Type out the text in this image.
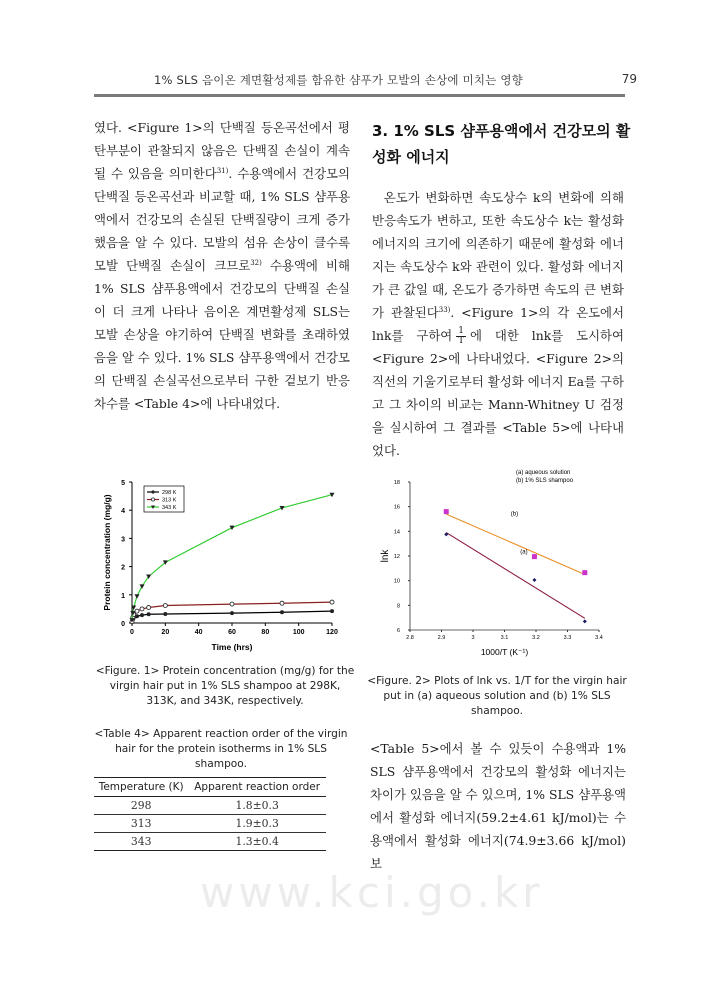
1% SLS 음이온 계면활성제를 함유한 샴푸가 모발의 손상에 미치는 영향	79

였다. <Figure 1>의 단백질 등온곡선에서 평탄부분이 관찰되지 않음은 단백질 손실이 계속될 수 있음을 의미한다$^{31)}$. 수용액에서 건강모의 단백질 등온곡선과 비교할 때, 1% SLS 샴푸용액에서 건강모의 손실된 단백질량이 크게 증가했음을 알 수 있다. 모발의 섬유 손상이 클수록 모발 단백질 손실이 크므로$^{32)}$ 수용액에 비해 1% SLS 샴푸용액에서 건강모의 단백질 손실이 더 크게 나타나 음이온 계면활성제 SLS는 모발 손상을 야기하여 단백질 변화를 초래하였음을 알 수 있다. 1% SLS 샴푸용액에서 건강모의 단백질 손실곡선으로부터 구한 겉보기 반응차수를 <Table 4>에 나타내었다.

3. 1% SLS 샴푸용액에서 건강모의 활성화 에너지

온도가 변화하면 속도상수 k의 변화에 의해 반응속도가 변하고, 또한 속도상수 k는 활성화 에너지의 크기에 의존하기 때문에 활성화 에너지는 속도상수 k와 관련이 있다. 활성화 에너지가 큰 값일 때, 온도가 증가하면 속도의 큰 변화가 관찰된다$^{33)}$. <Figure 1>의 각 온도에서 lnk를 구하여 $\frac{1}{T}$ 에 대한 lnk를 도시하여 <Figure 2>에 나타내었다. <Figure 2>의 직선의 기울기로부터 활성화 에너지 Ea를 구하고 그 차이의 비교는 Mann-Whitney U 검정을 실시하여 그 결과를 <Table 5>에 나타내었다.

0
1
2
3
4
5
0	20	40	60	80	100	120
Time (hrs)
Protein concentration (mg/g)
298 K
313 K
343 K
<Figure. 1> Protein concentration (mg/g) for the virgin hair put in 1% SLS shampoo at 298K, 313K, and 343K, respectively.
6
8
10
12
14
16
18
2.8	2.9	3	3.1	3.2	3.3	3.4
1000/T (K⁻¹)
lnk	(a)
(b)
(a) aqueous solution
(b) 1% SLS shampoo
<Figure. 2> Plots of lnk vs. 1/T for the virgin hair put in (a) aqueous solution and (b) 1% SLS shampoo.
<Table 4> Apparent reaction order of the virgin hair for the protein isotherms in 1% SLS shampoo.
Temperature (K)	Apparent reaction order
298	1.8±0.3
313	1.9±0.3
343	1.3±0.4

<Table 5>에서 볼 수 있듯이 수용액과 1% SLS 샴푸용액에서 건강모의 활성화 에너지는 차이가 있음을 알 수 있으며, 1% SLS 샴푸용액에서 활성화 에너지(59.2±4.61 kJ/mol)는 수용액에서 활성화 에너지(74.9±3.66 kJ/mol)보

www.kci.go.kr
